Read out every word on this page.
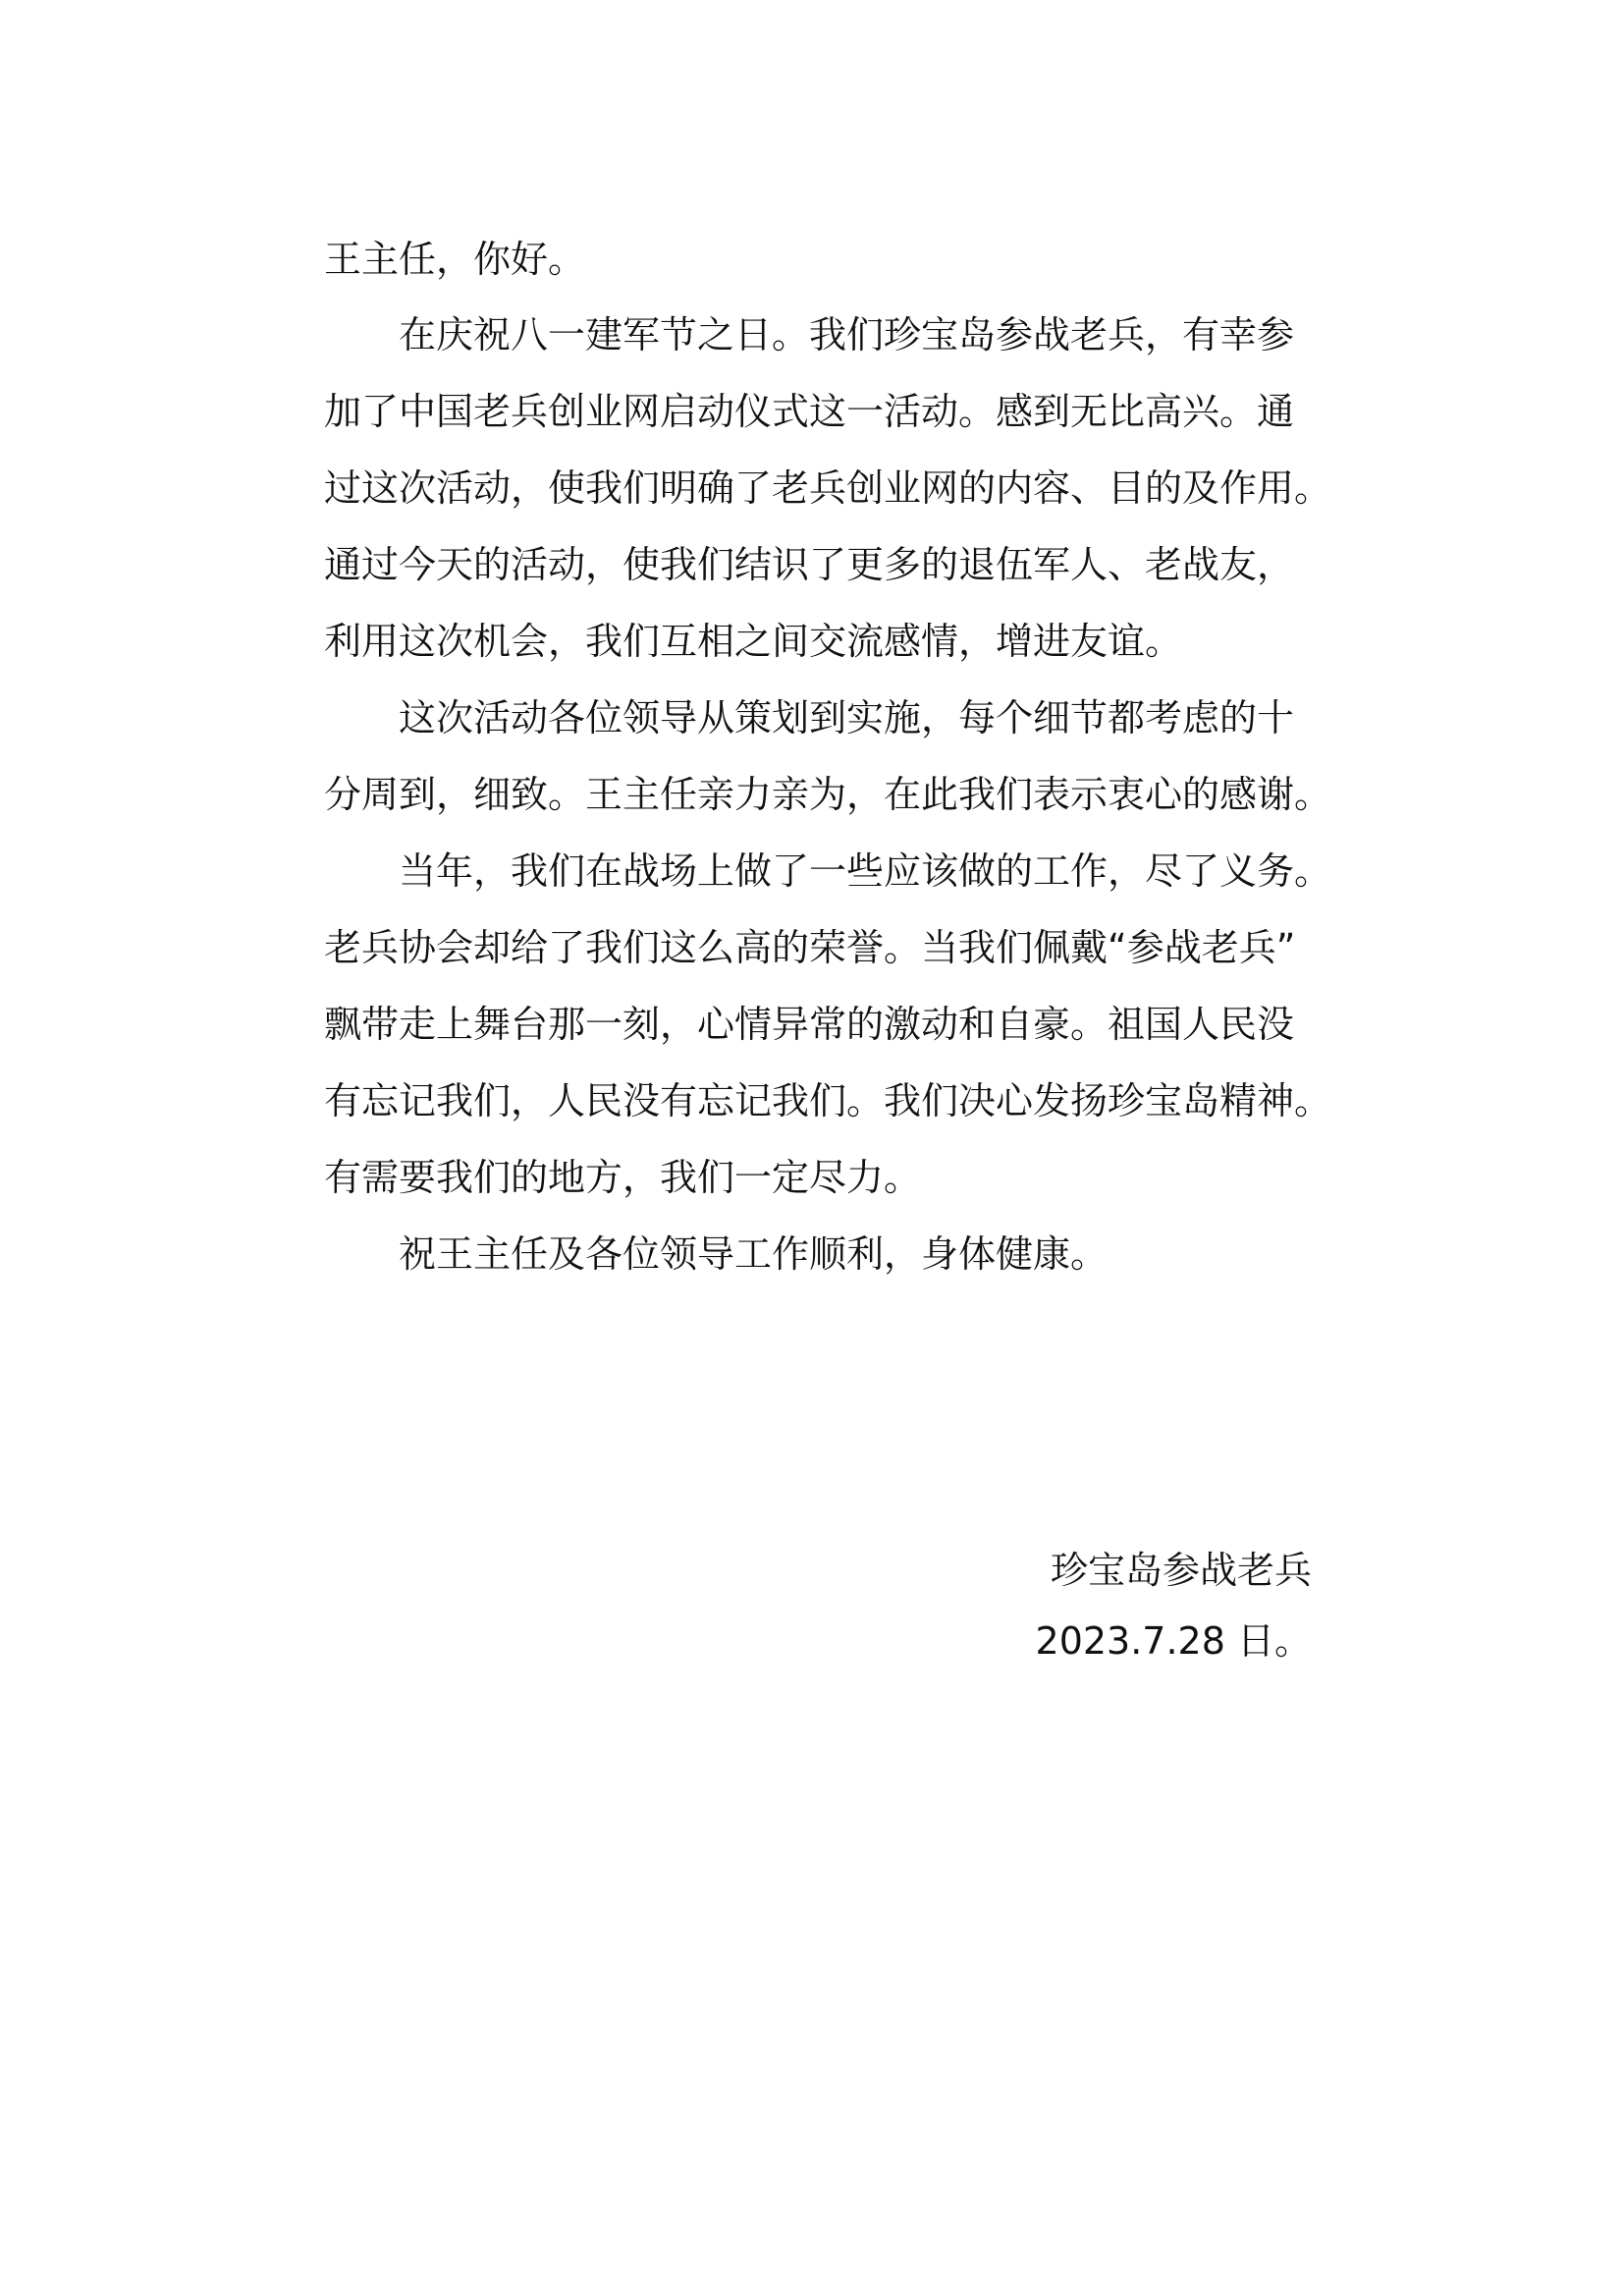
王主任，你好。
在庆祝八一建军节之日。我们珍宝岛参战老兵，有幸参
加了中国老兵创业网启动仪式这一活动。感到无比高兴。通
过这次活动，使我们明确了老兵创业网的内容、目的及作用。
通过今天的活动，使我们结识了更多的退伍军人、老战友，
利用这次机会，我们互相之间交流感情，增进友谊。
这次活动各位领导从策划到实施，每个细节都考虑的十
分周到，细致。王主任亲力亲为，在此我们表示衷心的感谢。
当年，我们在战场上做了一些应该做的工作，尽了义务。
老兵协会却给了我们这么高的荣誉。当我们佩戴“参战老兵”
飘带走上舞台那一刻，心情异常的激动和自豪。祖国人民没
有忘记我们，人民没有忘记我们。我们决心发扬珍宝岛精神。
有需要我们的地方，我们一定尽力。
祝王主任及各位领导工作顺利，身体健康。
珍宝岛参战老兵
2023.7.28 日。
